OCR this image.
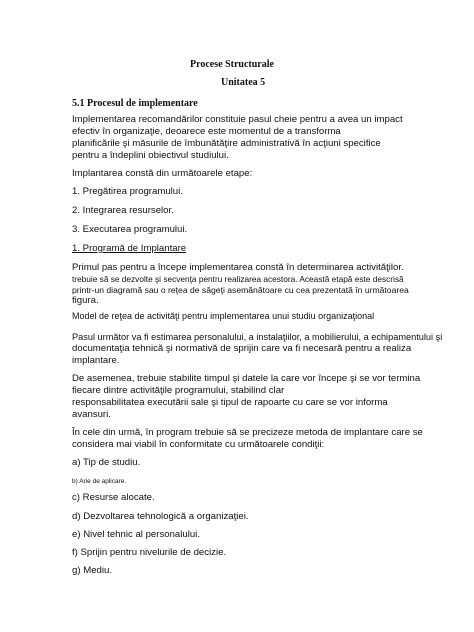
Procese Structurale
Unitatea 5
5.1 Procesul de implementare
Implementarea recomandărilor constituie pasul cheie pentru a avea un impact
efectiv în organizaţie, deoarece este momentul de a transforma
planificările şi măsurile de îmbunătăţire administrativă în acţiuni specifice
pentru a îndeplini obiectivul studiului.
Implantarea constă din următoarele etape:
1. Pregătirea programului.
2. Integrarea resurselor.
3. Executarea programului.
1. Programă de Implantare
Primul pas pentru a începe implementarea constă în determinarea activităţilor.
trebuie să se dezvolte şi secvenţa pentru realizarea acestora. Această etapă este descrisă
printr-un diagramă sau o reţea de săgeţi asemănătoare cu cea prezentată în următoarea
figura.
Model de reţea de activităţi pentru implementarea unui studiu organizaţional
Pasul următor va fi estimarea personalului, a instalaţiilor, a mobilierului, a echipamentului şi
documentaţia tehnică şi normativă de sprijin care va fi necesară pentru a realiza
implantare.
De asemenea, trebuie stabilite timpul şi datele la care vor începe şi se vor termina
fiecare dintre activităţile programului, stabilind clar
responsabilitatea executării sale şi tipul de rapoarte cu care se vor informa
avansuri.
În cele din urmă, în program trebuie să se precizeze metoda de implantare care se
considera mai viabil în conformitate cu următoarele condiţii:
a) Tip de studiu.
b) Arie de aplicare.
c) Resurse alocate.
d) Dezvoltarea tehnologică a organizaţiei.
e) Nivel tehnic al personalului.
f) Sprijin pentru nivelurile de decizie.
g) Mediu.
